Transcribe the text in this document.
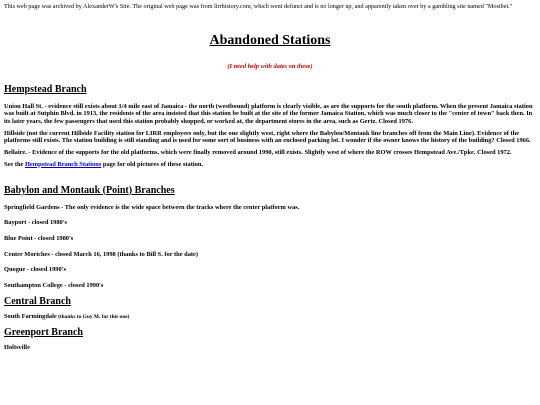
This web page was archived by AlexanderW's Site. The original web page was from lirrhistory.com, which went defunct and is no longer up, and apparently taken over by a gambling site named "Mostbet."

Abandoned Stations

(I need help with dates on these)

Hempstead Branch

Union Hall St. - evidence still exists about 1/4 mile east of Jamaica - the north (westbound) platform is clearly visible, as are the supports for the south platform. When the present Jamaica station was built at Sutphin Blvd. in 1913, the residents of the area insisted that this station be built at the site of the former Jamaica Station, which was much closer to the "center of town" back then. In its later years, the few passengers that used this station probably shopped, or worked at, the department stores in the area, such as Gertz. Closed 1976.

Hillside (not the current Hillside Facility station for LIRR employees only, but the one slightly west, right where the Babylon/Montauk line branches off from the Main Line). Evidence of the platforms still exists. The station building is still standing and is used for some sort of business with an enclosed parking lot. I wonder if the owner knows the history of the building? Closed 1966.

Bellaire. - Evidence of the supports for the old platforms, which were finally removed around 1990, still exists. Slightly west of where the ROW crosses Hempstead Ave./Tpke. Closed 1972.

See the Hempstead Branch Stations page for old pictures of these station.

Babylon and Montauk (Point) Branches

Springfield Gardens - The only evidence is the wide space between the tracks where the center platform was.

Bayport - closed 1980's

Blue Point - closed 1980's

Center Moriches - closed March 16, 1998 (thanks to Bill S. for the date)

Quogue - closed 1990's

Southampton College - closed 1990's

Central Branch

South Farmingdale (thanks to Guy M. for this one)

Greenport Branch

Holtsville
